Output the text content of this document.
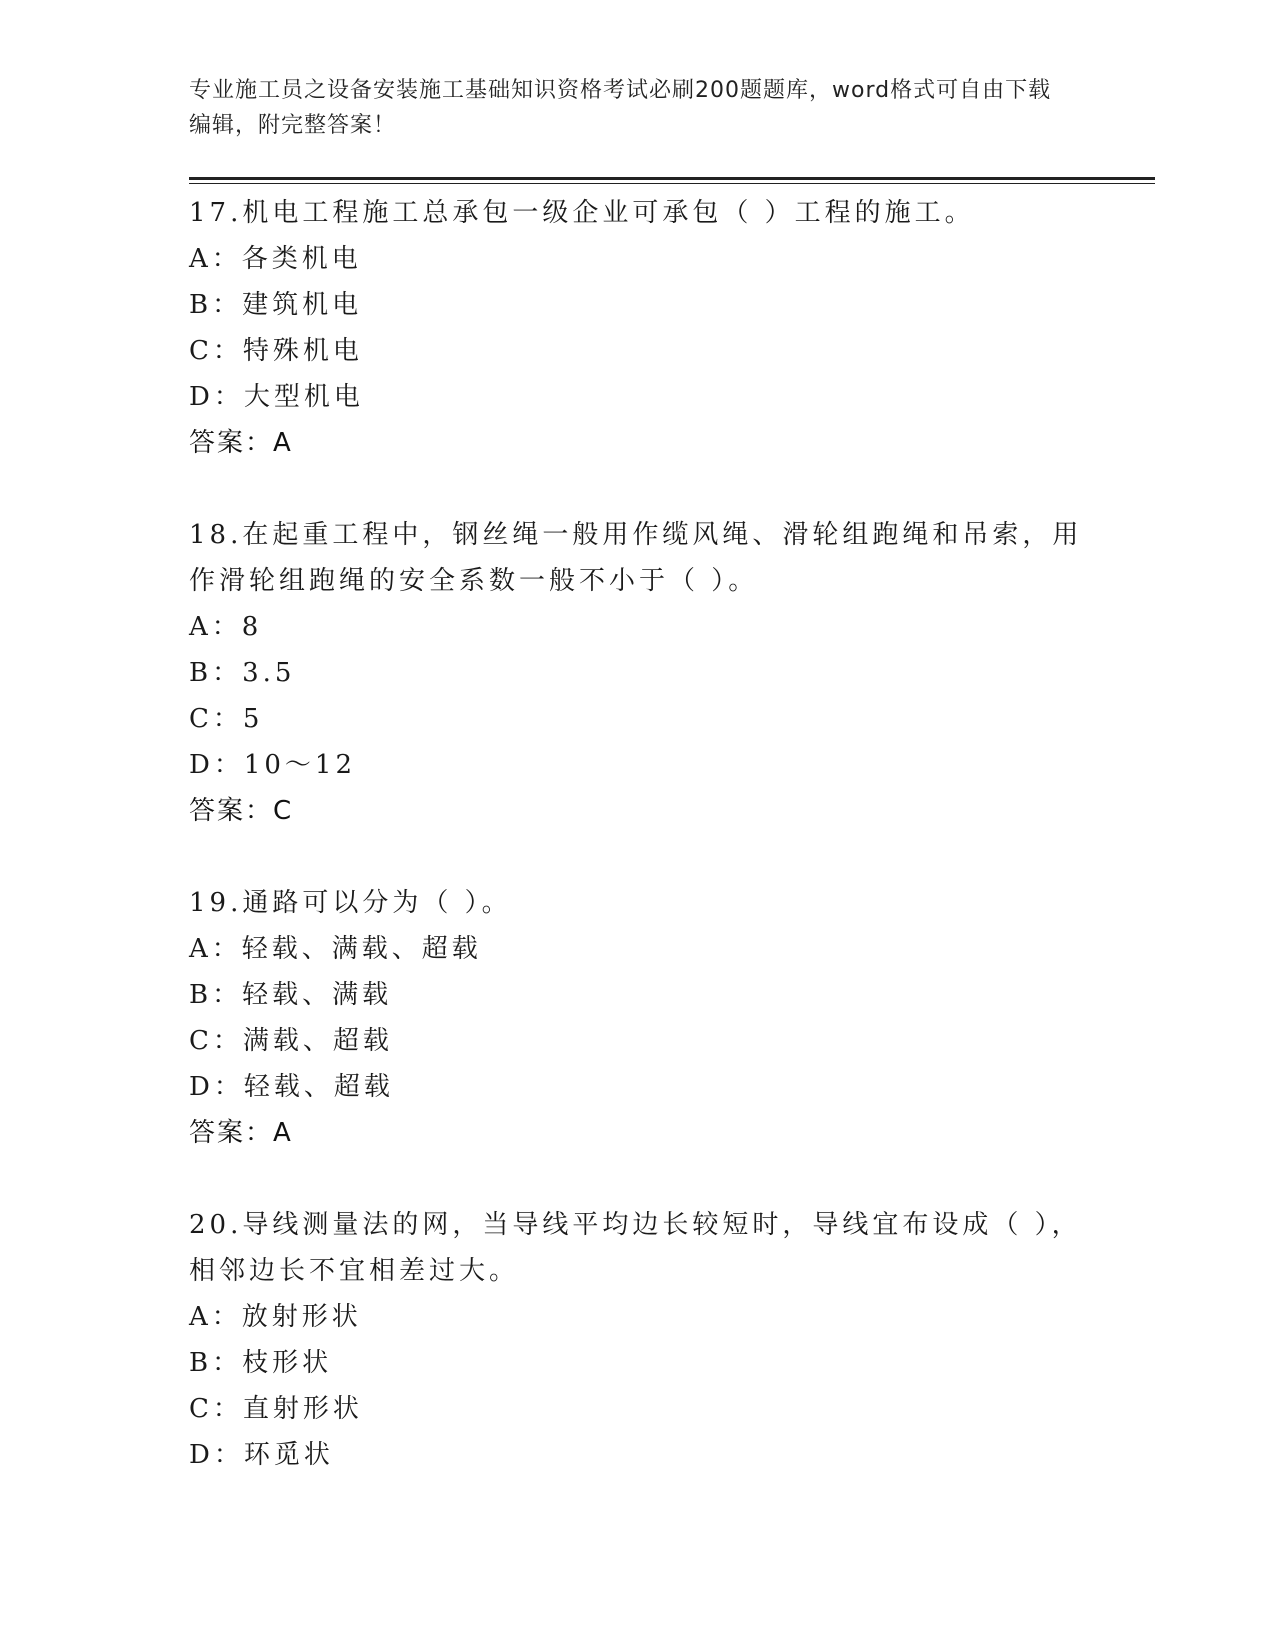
专业施工员之设备安装施工基础知识资格考试必刷200题题库，word格式可自由下载编辑，附完整答案！
17.机电工程施工总承包一级企业可承包（ ）工程的施工。
A：各类机电
B：建筑机电
C：特殊机电
D：大型机电
答案：A
18.在起重工程中，钢丝绳一般用作缆风绳、滑轮组跑绳和吊索，用作滑轮组跑绳的安全系数一般不小于（ ）。
A：8
B：3.5
C：5
D：10～12
答案：C
19.通路可以分为（ ）。
A：轻载、满载、超载
B：轻载、满载
C：满载、超载
D：轻载、超载
答案：A
20.导线测量法的网，当导线平均边长较短时，导线宜布设成（ ），相邻边长不宜相差过大。
A：放射形状
B：枝形状
C：直射形状
D：环觅状
